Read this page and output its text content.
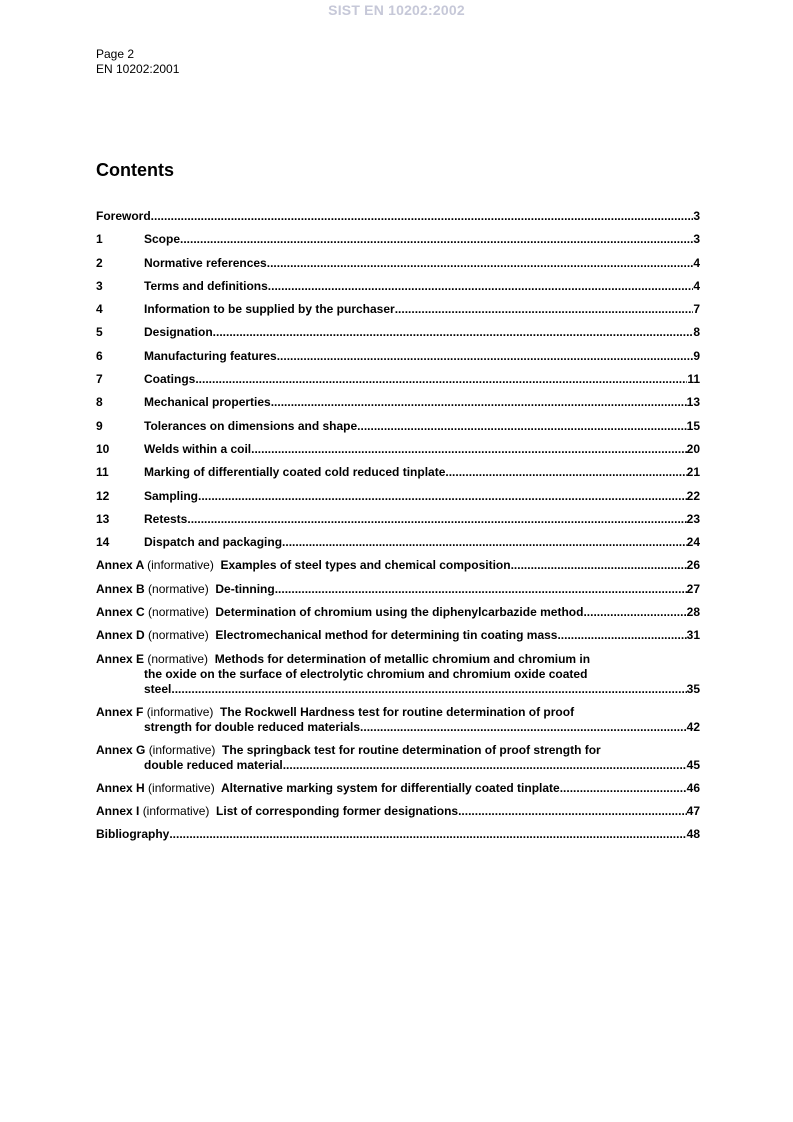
SIST EN 10202:2002
Page 2
EN 10202:2001
Contents
Foreword .....	3
1	Scope .....	3
2	Normative references .....	4
3	Terms and definitions .....	4
4	Information to be supplied by the purchaser .....	7
5	Designation .....	8
6	Manufacturing features .....	9
7	Coatings .....	11
8	Mechanical properties .....	13
9	Tolerances on dimensions and shape .....	15
10	Welds within a coil .....	20
11	Marking of differentially coated cold reduced tinplate .....	21
12	Sampling .....	22
13	Retests .....	23
14	Dispatch and packaging .....	24
Annex A (informative) Examples of steel types and chemical composition .....	26
Annex B (normative) De-tinning .....	27
Annex C (normative) Determination of chromium using the diphenylcarbazide method .....	28
Annex D (normative) Electromechanical method for determining tin coating mass .....	31
Annex E (normative) Methods for determination of metallic chromium and chromium in
the oxide on the surface of electrolytic chromium and chromium oxide coated
steel .....	35
Annex F (informative) The Rockwell Hardness test for routine determination of proof
strength for double reduced materials .....	42
Annex G (informative) The springback test for routine determination of proof strength for
double reduced material .....	45
Annex H (informative) Alternative marking system for differentially coated tinplate .....	46
Annex I (informative) List of corresponding former designations .....	47
Bibliography .....	48
